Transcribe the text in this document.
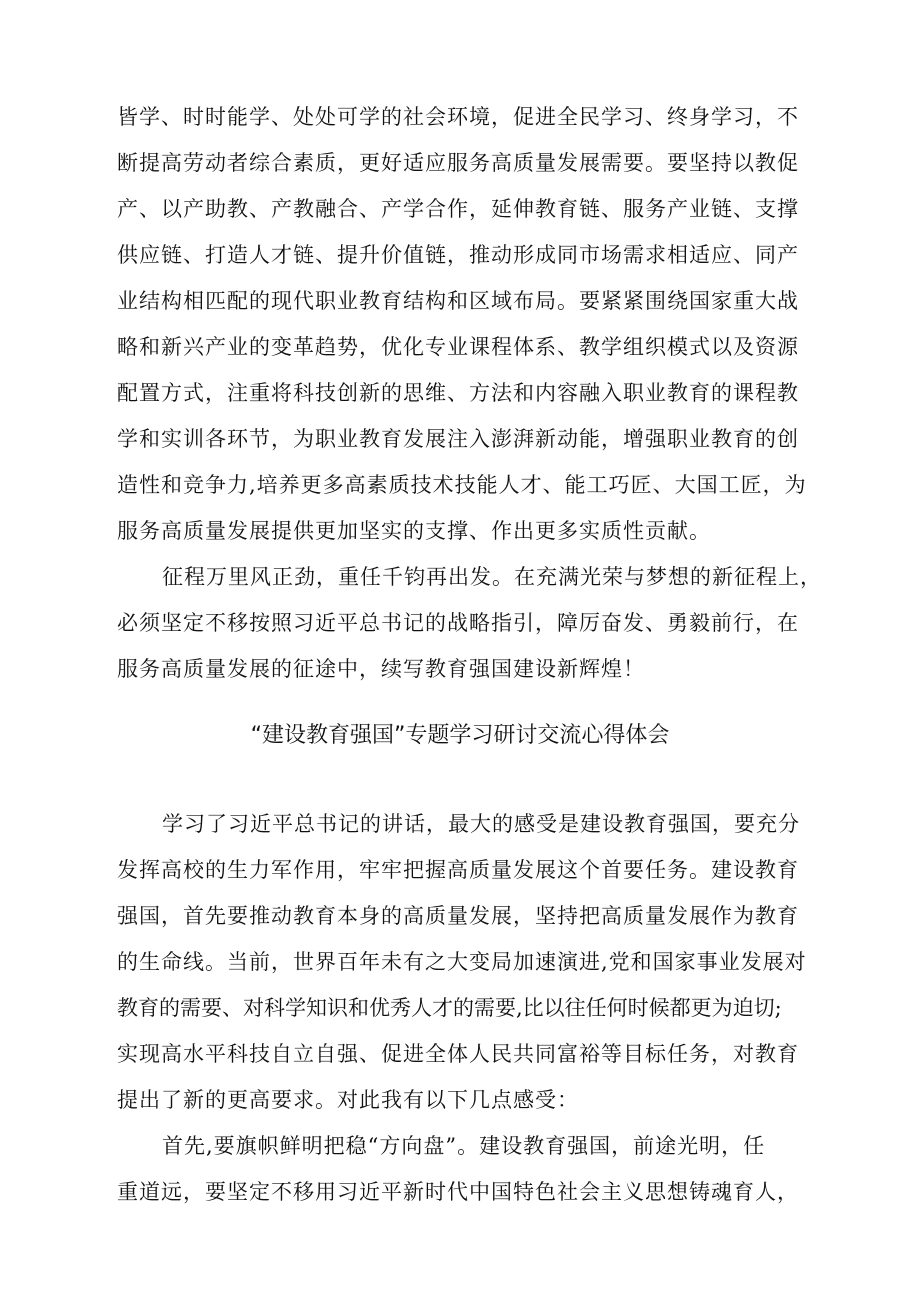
皆学、时时能学、处处可学的社会环境，促进全民学习、终身学习，不
断提高劳动者综合素质，更好适应服务高质量发展需要。要坚持以教促
产、以产助教、产教融合、产学合作，延伸教育链、服务产业链、支撑
供应链、打造人才链、提升价值链，推动形成同市场需求相适应、同产
业结构相匹配的现代职业教育结构和区域布局。要紧紧围绕国家重大战
略和新兴产业的变革趋势，优化专业课程体系、教学组织模式以及资源
配置方式，注重将科技创新的思维、方法和内容融入职业教育的课程教
学和实训各环节，为职业教育发展注入澎湃新动能，增强职业教育的创
造性和竞争力,培养更多高素质技术技能人才、能工巧匠、大国工匠，为
服务高质量发展提供更加坚实的支撑、作出更多实质性贡献。
征程万里风正劲，重任千钧再出发。在充满光荣与梦想的新征程上，
必须坚定不移按照习近平总书记的战略指引，障厉奋发、勇毅前行，在
服务高质量发展的征途中，续写教育强国建设新辉煌！
“建设教育强国”专题学习研讨交流心得体会
学习了习近平总书记的讲话，最大的感受是建设教育强国，要充分
发挥高校的生力军作用，牢牢把握高质量发展这个首要任务。建设教育
强国，首先要推动教育本身的高质量发展，坚持把高质量发展作为教育
的生命线。当前，世界百年未有之大变局加速演进,党和国家事业发展对
教育的需要、对科学知识和优秀人才的需要,比以往任何时候都更为迫切;
实现高水平科技自立自强、促进全体人民共同富裕等目标任务，对教育
提出了新的更高要求。对此我有以下几点感受：
首先,要旗帜鲜明把稳“方向盘”。建设教育强国，前途光明，任
重道远，要坚定不移用习近平新时代中国特色社会主义思想铸魂育人，
